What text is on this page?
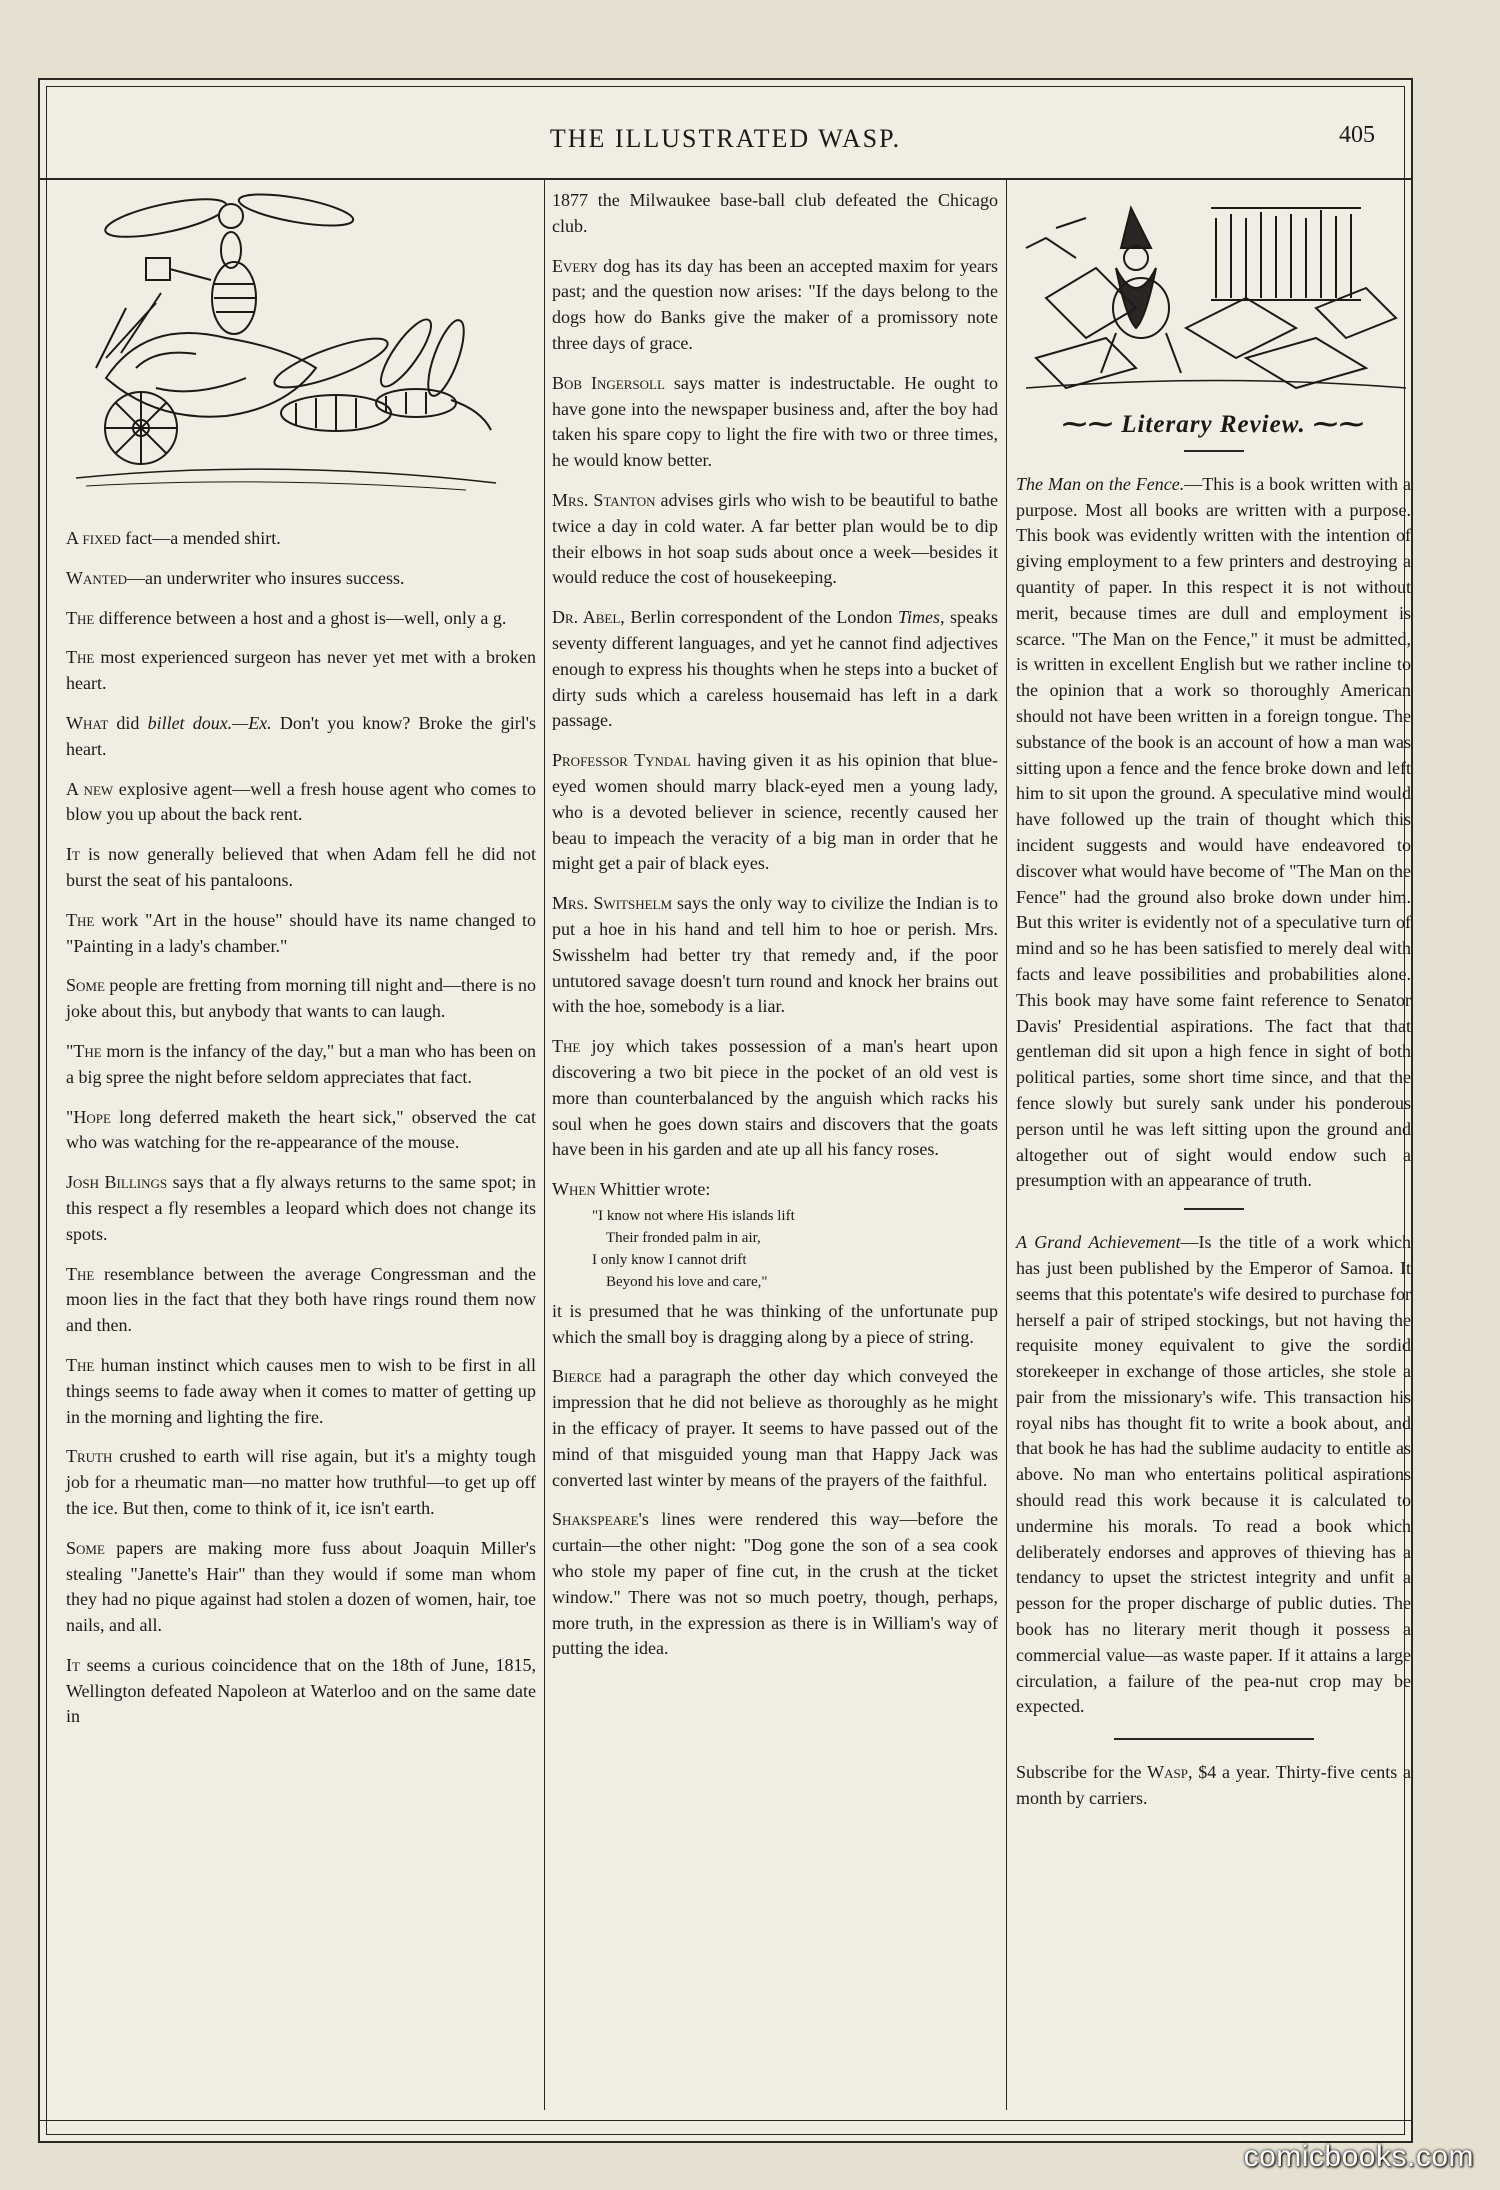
THE ILLUSTRATED WASP.	405

A fixed fact—a mended shirt.

Wanted—an underwriter who insures success.

The difference between a host and a ghost is—well, only a g.

The most experienced surgeon has never yet met with a broken heart.

What did billet doux.—Ex. Don't you know? Broke the girl's heart.

A new explosive agent—well a fresh house agent who comes to blow you up about the back rent.

It is now generally believed that when Adam fell he did not burst the seat of his pantaloons.

The work "Art in the house" should have its name changed to "Painting in a lady's chamber."

Some people are fretting from morning till night and—there is no joke about this, but anybody that wants to can laugh.

"The morn is the infancy of the day," but a man who has been on a big spree the night before seldom appreciates that fact.

"Hope long deferred maketh the heart sick," observed the cat who was watching for the re-appearance of the mouse.

Josh Billings says that a fly always returns to the same spot; in this respect a fly resembles a leopard which does not change its spots.

The resemblance between the average Congressman and the moon lies in the fact that they both have rings round them now and then.

The human instinct which causes men to wish to be first in all things seems to fade away when it comes to matter of getting up in the morning and lighting the fire.

Truth crushed to earth will rise again, but it's a mighty tough job for a rheumatic man—no matter how truthful—to get up off the ice. But then, come to think of it, ice isn't earth.

Some papers are making more fuss about Joaquin Miller's stealing "Janette's Hair" than they would if some man whom they had no pique against had stolen a dozen of women, hair, toe nails, and all.

It seems a curious coincidence that on the 18th of June, 1815, Wellington defeated Napoleon at Waterloo and on the same date in

1877 the Milwaukee base-ball club defeated the Chicago club.

Every dog has its day has been an accepted maxim for years past; and the question now arises: "If the days belong to the dogs how do Banks give the maker of a promissory note three days of grace.

Bob Ingersoll says matter is indestructable. He ought to have gone into the newspaper business and, after the boy had taken his spare copy to light the fire with two or three times, he would know better.

Mrs. Stanton advises girls who wish to be beautiful to bathe twice a day in cold water. A far better plan would be to dip their elbows in hot soap suds about once a week—besides it would reduce the cost of housekeeping.

Dr. Abel, Berlin correspondent of the London Times, speaks seventy different languages, and yet he cannot find adjectives enough to express his thoughts when he steps into a bucket of dirty suds which a careless housemaid has left in a dark passage.

Professor Tyndal having given it as his opinion that blue-eyed women should marry black-eyed men a young lady, who is a devoted believer in science, recently caused her beau to impeach the veracity of a big man in order that he might get a pair of black eyes.

Mrs. Switshelm says the only way to civilize the Indian is to put a hoe in his hand and tell him to hoe or perish. Mrs. Swisshelm had better try that remedy and, if the poor untutored savage doesn't turn round and knock her brains out with the hoe, somebody is a liar.

The joy which takes possession of a man's heart upon discovering a two bit piece in the pocket of an old vest is more than counterbalanced by the anguish which racks his soul when he goes down stairs and discovers that the goats have been in his garden and ate up all his fancy roses.

When Whittier wrote:

"I know not where His islands lift
Their fronded palm in air,
I only know I cannot drift
Beyond his love and care,"

it is presumed that he was thinking of the unfortunate pup which the small boy is dragging along by a piece of string.

Bierce had a paragraph the other day which conveyed the impression that he did not believe as thoroughly as he might in the efficacy of prayer. It seems to have passed out of the mind of that misguided young man that Happy Jack was converted last winter by means of the prayers of the faithful.

Shakspeare's lines were rendered this way—before the curtain—the other night: "Dog gone the son of a sea cook who stole my paper of fine cut, in the crush at the ticket window." There was not so much poetry, though, perhaps, more truth, in the expression as there is in William's way of putting the idea.

⁓⁓ Literary Review. ⁓⁓

The Man on the Fence.—This is a book written with a purpose. Most all books are written with a purpose. This book was evidently written with the intention of giving employment to a few printers and destroying a quantity of paper. In this respect it is not without merit, because times are dull and employment is scarce. "The Man on the Fence," it must be admitted, is written in excellent English but we rather incline to the opinion that a work so thoroughly American should not have been written in a foreign tongue. The substance of the book is an account of how a man was sitting upon a fence and the fence broke down and left him to sit upon the ground. A speculative mind would have followed up the train of thought which this incident suggests and would have endeavored to discover what would have become of "The Man on the Fence" had the ground also broke down under him. But this writer is evidently not of a speculative turn of mind and so he has been satisfied to merely deal with facts and leave possibilities and probabilities alone. This book may have some faint reference to Senator Davis' Presidential aspirations. The fact that that gentleman did sit upon a high fence in sight of both political parties, some short time since, and that the fence slowly but surely sank under his ponderous person until he was left sitting upon the ground and altogether out of sight would endow such a presumption with an appearance of truth.

A Grand Achievement—Is the title of a work which has just been published by the Emperor of Samoa. It seems that this potentate's wife desired to purchase for herself a pair of striped stockings, but not having the requisite money equivalent to give the sordid storekeeper in exchange of those articles, she stole a pair from the missionary's wife. This transaction his royal nibs has thought fit to write a book about, and that book he has had the sublime audacity to entitle as above. No man who entertains political aspirations should read this work because it is calculated to undermine his morals. To read a book which deliberately endorses and approves of thieving has a tendancy to upset the strictest integrity and unfit a pesson for the proper discharge of public duties. The book has no literary merit though it possess a commercial value—as waste paper. If it attains a large circulation, a failure of the pea-nut crop may be expected.

Subscribe for the Wasp, $4 a year. Thirty-five cents a month by carriers.

comicbooks.com
